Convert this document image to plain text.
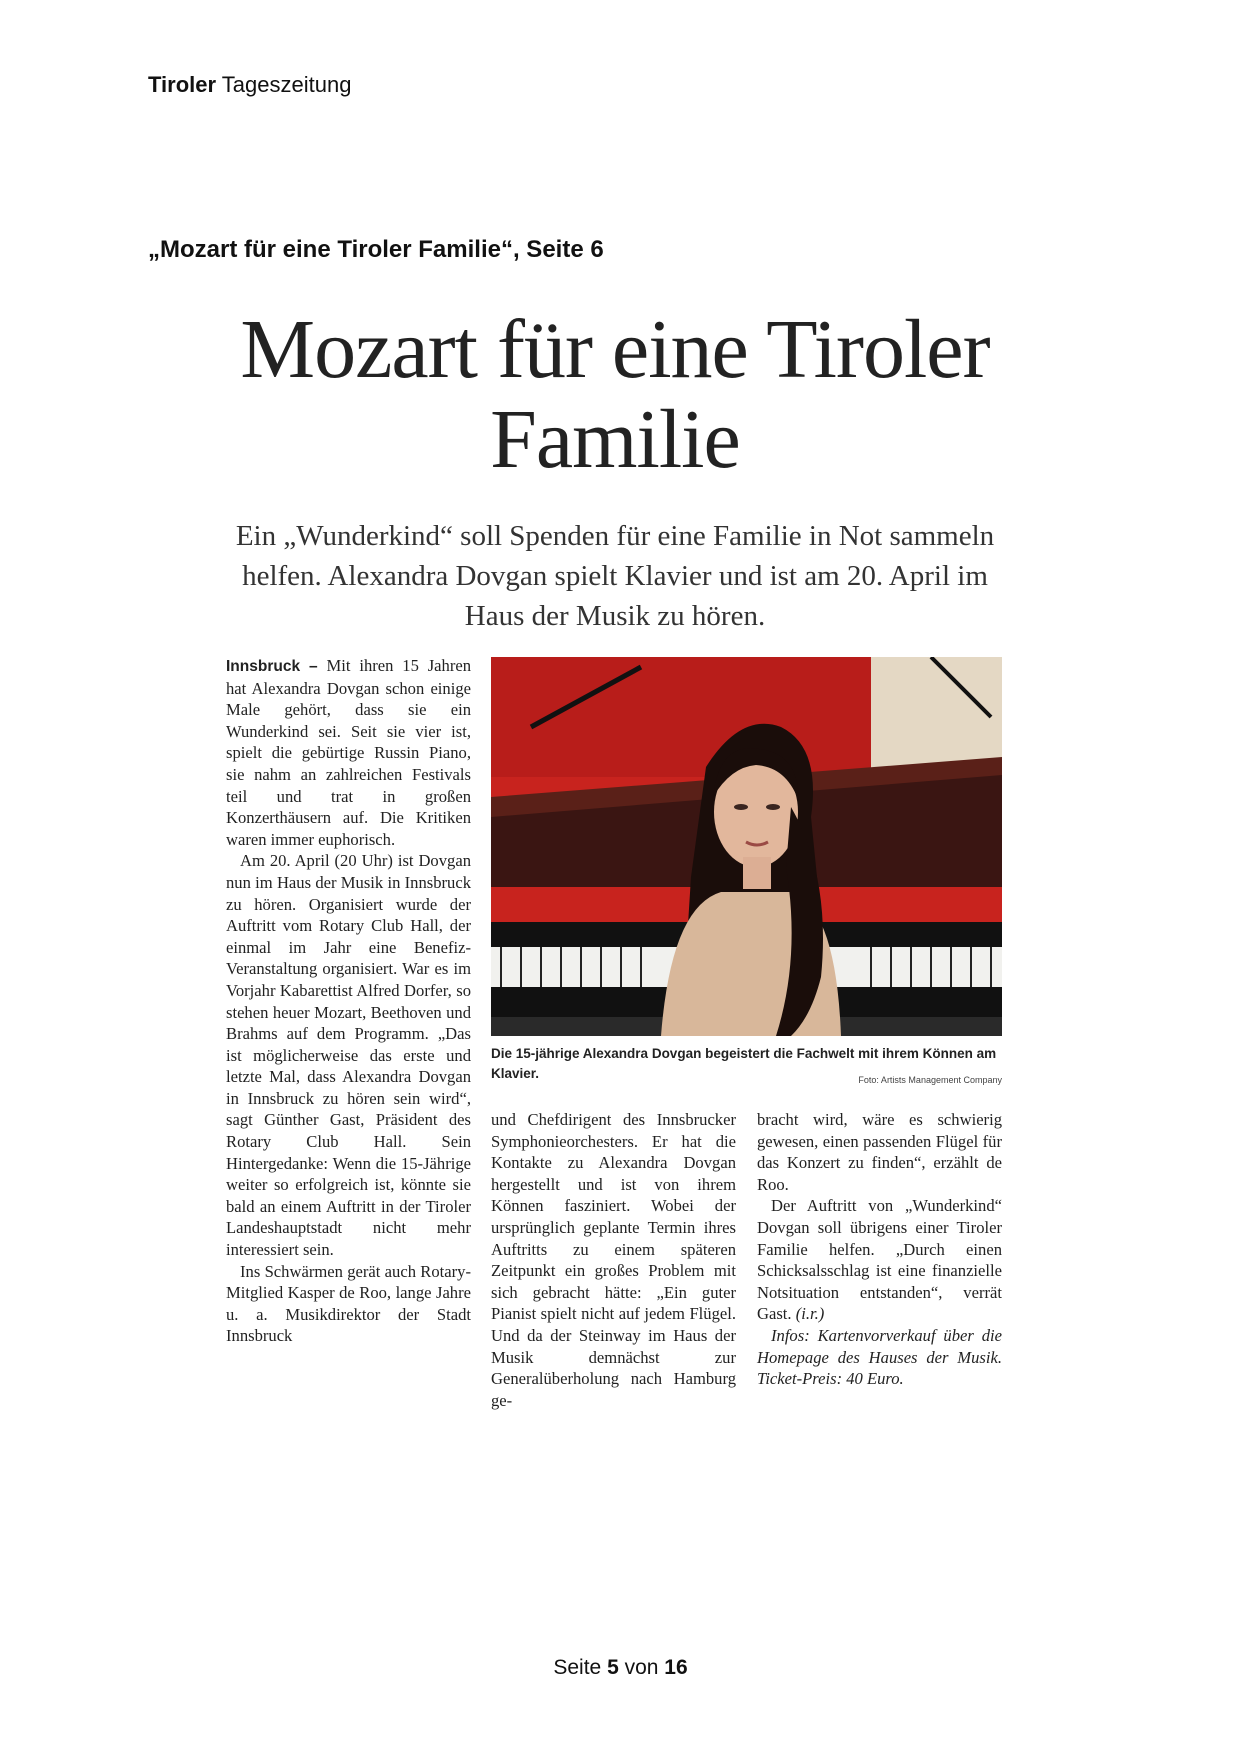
Tiroler Tageszeitung
„Mozart für eine Tiroler Familie“, Seite 6
Mozart für eine Tiroler Familie
Ein „Wunderkind“ soll Spenden für eine Familie in Not sammeln helfen. Alexandra Dovgan spielt Klavier und ist am 20. April im Haus der Musik zu hören.

Innsbruck – Mit ihren 15 Jahren hat Alexandra Dovgan schon einige Male gehört, dass sie ein Wunderkind sei. Seit sie vier ist, spielt die gebürtige Russin Piano, sie nahm an zahlreichen Festivals teil und trat in großen Konzerthäusern auf. Die Kritiken waren immer euphorisch.

Am 20. April (20 Uhr) ist Dovgan nun im Haus der Musik in Innsbruck zu hören. Organisiert wurde der Auftritt vom Rotary Club Hall, der einmal im Jahr eine Benefiz-Veranstaltung organisiert. War es im Vorjahr Kabarettist Alfred Dorfer, so stehen heuer Mozart, Beethoven und Brahms auf dem Programm. „Das ist möglicherweise das erste und letzte Mal, dass Alexandra Dovgan in Innsbruck zu hören sein wird“, sagt Günther Gast, Präsident des Rotary Club Hall. Sein Hintergedanke: Wenn die 15-Jährige weiter so erfolgreich ist, könnte sie bald an einem Auftritt in der Tiroler Landeshauptstadt nicht mehr interessiert sein.

Ins Schwärmen gerät auch Rotary-Mitglied Kasper de Roo, lange Jahre u. a. Musikdirektor der Stadt Innsbruck

Die 15-jährige Alexandra Dovgan begeistert die Fachwelt mit ihrem Können am Klavier.	Foto: Artists Management Company

und Chefdirigent des Innsbrucker Symphonieorchesters. Er hat die Kontakte zu Alexandra Dovgan hergestellt und ist von ihrem Können fasziniert. Wobei der ursprünglich geplante Termin ihres Auftritts zu einem späteren Zeitpunkt ein großes Problem mit sich gebracht hätte: „Ein guter Pianist spielt nicht auf jedem Flügel. Und da der Steinway im Haus der Musik demnächst zur Generalüberholung nach Hamburg ge-

bracht wird, wäre es schwierig gewesen, einen passenden Flügel für das Konzert zu finden“, erzählt de Roo.

Der Auftritt von „Wunderkind“ Dovgan soll übrigens einer Tiroler Familie helfen. „Durch einen Schicksalsschlag ist eine finanzielle Notsituation entstanden“, verrät Gast. (i.r.)

Infos: Kartenvorverkauf über die Homepage des Hauses der Musik. Ticket-Preis: 40 Euro.

Seite 5 von 16
